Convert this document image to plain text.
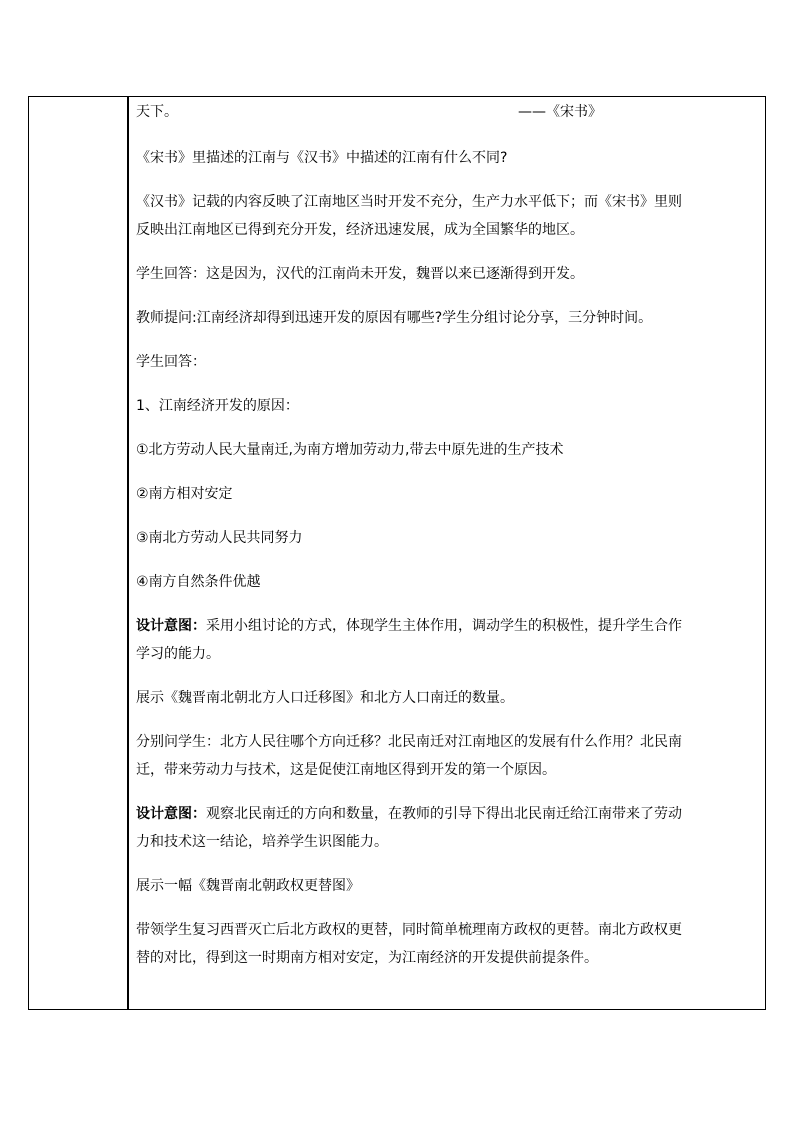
天下。	——《宋书》

《宋书》里描述的江南与《汉书》中描述的江南有什么不同?

《汉书》记载的内容反映了江南地区当时开发不充分，生产力水平低下；而《宋书》里则

反映出江南地区已得到充分开发，经济迅速发展，成为全国繁华的地区。

学生回答：这是因为，汉代的江南尚未开发，魏晋以来已逐渐得到开发。

教师提问:江南经济却得到迅速开发的原因有哪些?学生分组讨论分享，三分钟时间。

学生回答：

1、江南经济开发的原因：

①北方劳动人民大量南迁,为南方增加劳动力,带去中原先进的生产技术

②南方相对安定

③南北方劳动人民共同努力

④南方自然条件优越

设计意图：采用小组讨论的方式，体现学生主体作用，调动学生的积极性，提升学生合作

学习的能力。

展示《魏晋南北朝北方人口迁移图》和北方人口南迁的数量。

分别问学生：北方人民往哪个方向迁移？北民南迁对江南地区的发展有什么作用？北民南

迁，带来劳动力与技术，这是促使江南地区得到开发的第一个原因。

设计意图：观察北民南迁的方向和数量，在教师的引导下得出北民南迁给江南带来了劳动

力和技术这一结论，培养学生识图能力。

展示一幅《魏晋南北朝政权更替图》

带领学生复习西晋灭亡后北方政权的更替，同时简单梳理南方政权的更替。南北方政权更

替的对比，得到这一时期南方相对安定，为江南经济的开发提供前提条件。
